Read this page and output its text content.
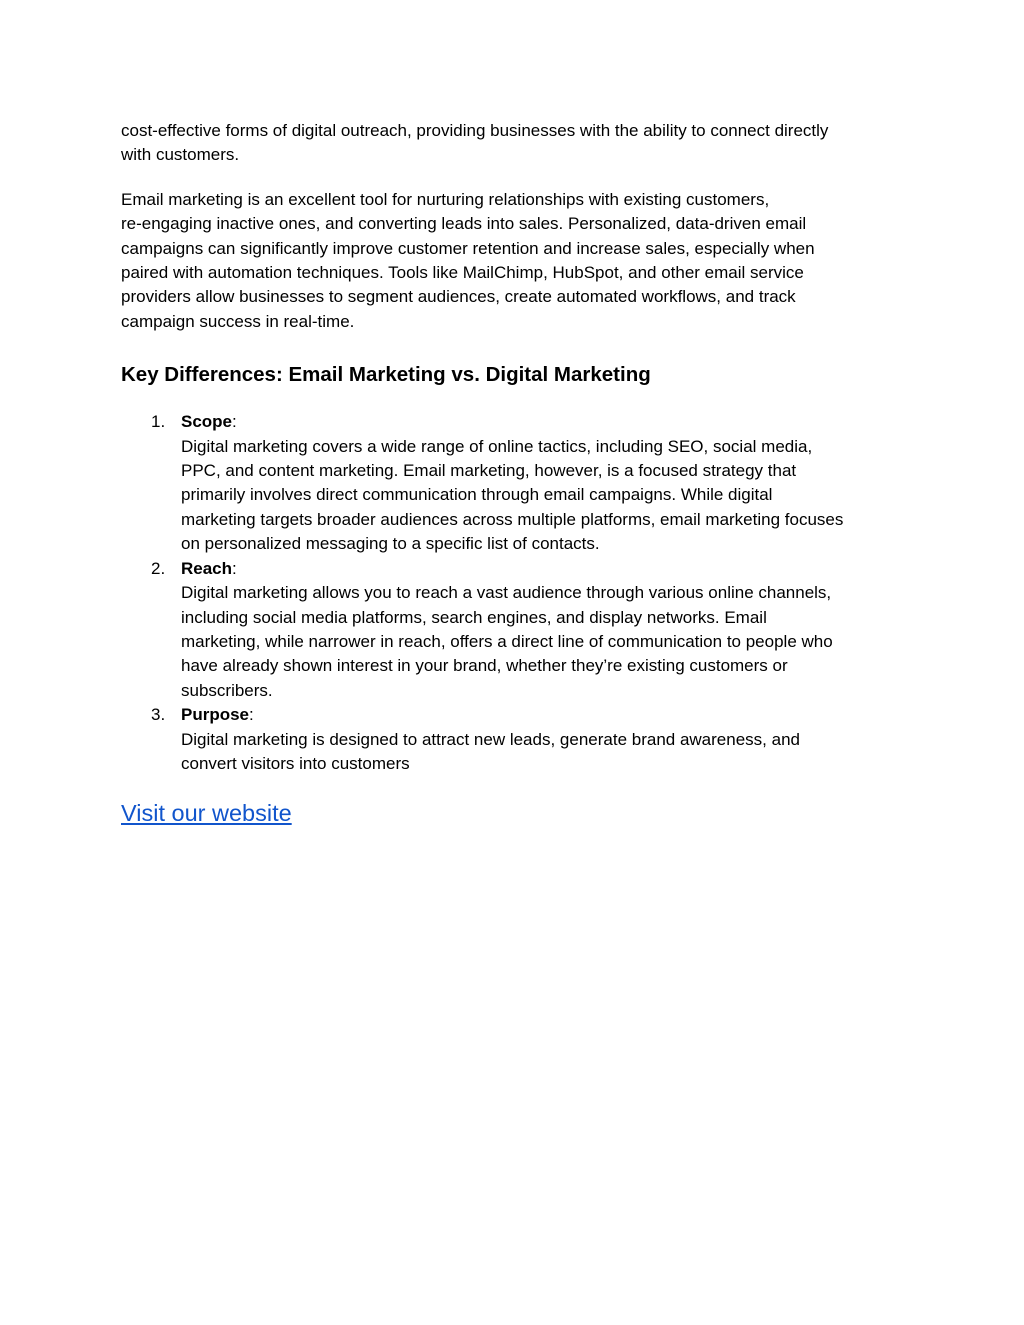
cost-effective forms of digital outreach, providing businesses with the ability to connect directly
with customers.

Email marketing is an excellent tool for nurturing relationships with existing customers,
re-engaging inactive ones, and converting leads into sales. Personalized, data-driven email
campaigns can significantly improve customer retention and increase sales, especially when
paired with automation techniques. Tools like MailChimp, HubSpot, and other email service
providers allow businesses to segment audiences, create automated workflows, and track
campaign success in real-time.

Key Differences: Email Marketing vs. Digital Marketing
1. Scope:
Digital marketing covers a wide range of online tactics, including SEO, social media,
PPC, and content marketing. Email marketing, however, is a focused strategy that
primarily involves direct communication through email campaigns. While digital
marketing targets broader audiences across multiple platforms, email marketing focuses
on personalized messaging to a specific list of contacts.
2. Reach:
Digital marketing allows you to reach a vast audience through various online channels,
including social media platforms, search engines, and display networks. Email
marketing, while narrower in reach, offers a direct line of communication to people who
have already shown interest in your brand, whether they’re existing customers or
subscribers.
3. Purpose:
Digital marketing is designed to attract new leads, generate brand awareness, and
convert visitors into customers
Visit our website
